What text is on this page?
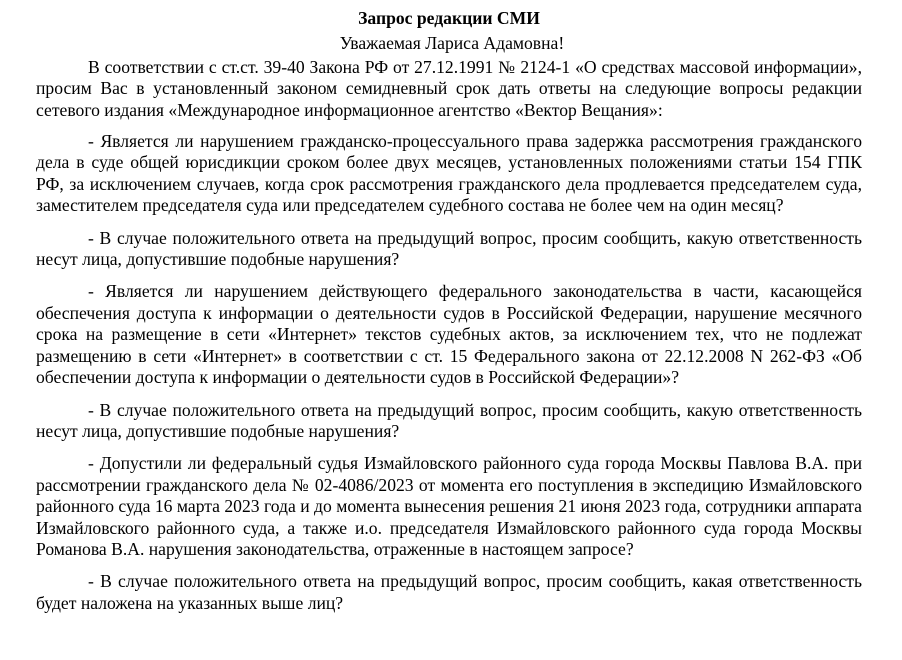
Запрос редакции СМИ
Уважаемая Лариса Адамовна!

В соответствии с ст.ст. 39-40 Закона РФ от 27.12.1991 № 2124-1 «О средствах массовой информации», просим Вас в установленный законом семидневный срок дать ответы на следующие вопросы редакции сетевого издания «Международное информационное агентство «Вектор Вещания»:

- Является ли нарушением гражданско-процессуального права задержка рассмотрения гражданского дела в суде общей юрисдикции сроком более двух месяцев, установленных положениями статьи 154 ГПК РФ, за исключением случаев, когда срок рассмотрения гражданского дела продлевается председателем суда, заместителем председателя суда или председателем судебного состава не более чем на один месяц?

- В случае положительного ответа на предыдущий вопрос, просим сообщить, какую ответственность несут лица, допустившие подобные нарушения?

- Является ли нарушением действующего федерального законодательства в части, касающейся обеспечения доступа к информации о деятельности судов в Российской Федерации, нарушение месячного срока на размещение в сети «Интернет» текстов судебных актов, за исключением тех, что не подлежат размещению в сети «Интернет» в соответствии с ст. 15 Федерального закона от 22.12.2008 N 262-ФЗ «Об обеспечении доступа к информации о деятельности судов в Российской Федерации»?

- В случае положительного ответа на предыдущий вопрос, просим сообщить, какую ответственность несут лица, допустившие подобные нарушения?

- Допустили ли федеральный судья Измайловского районного суда города Москвы Павлова В.А. при рассмотрении гражданского дела № 02-4086/2023 от момента его поступления в экспедицию Измайловского районного суда 16 марта 2023 года и до момента вынесения решения 21 июня 2023 года, сотрудники аппарата Измайловского районного суда, а также и.о. председателя Измайловского районного суда города Москвы Романова В.А. нарушения законодательства, отраженные в настоящем запросе?

- В случае положительного ответа на предыдущий вопрос, просим сообщить, какая ответственность будет наложена на указанных выше лиц?
